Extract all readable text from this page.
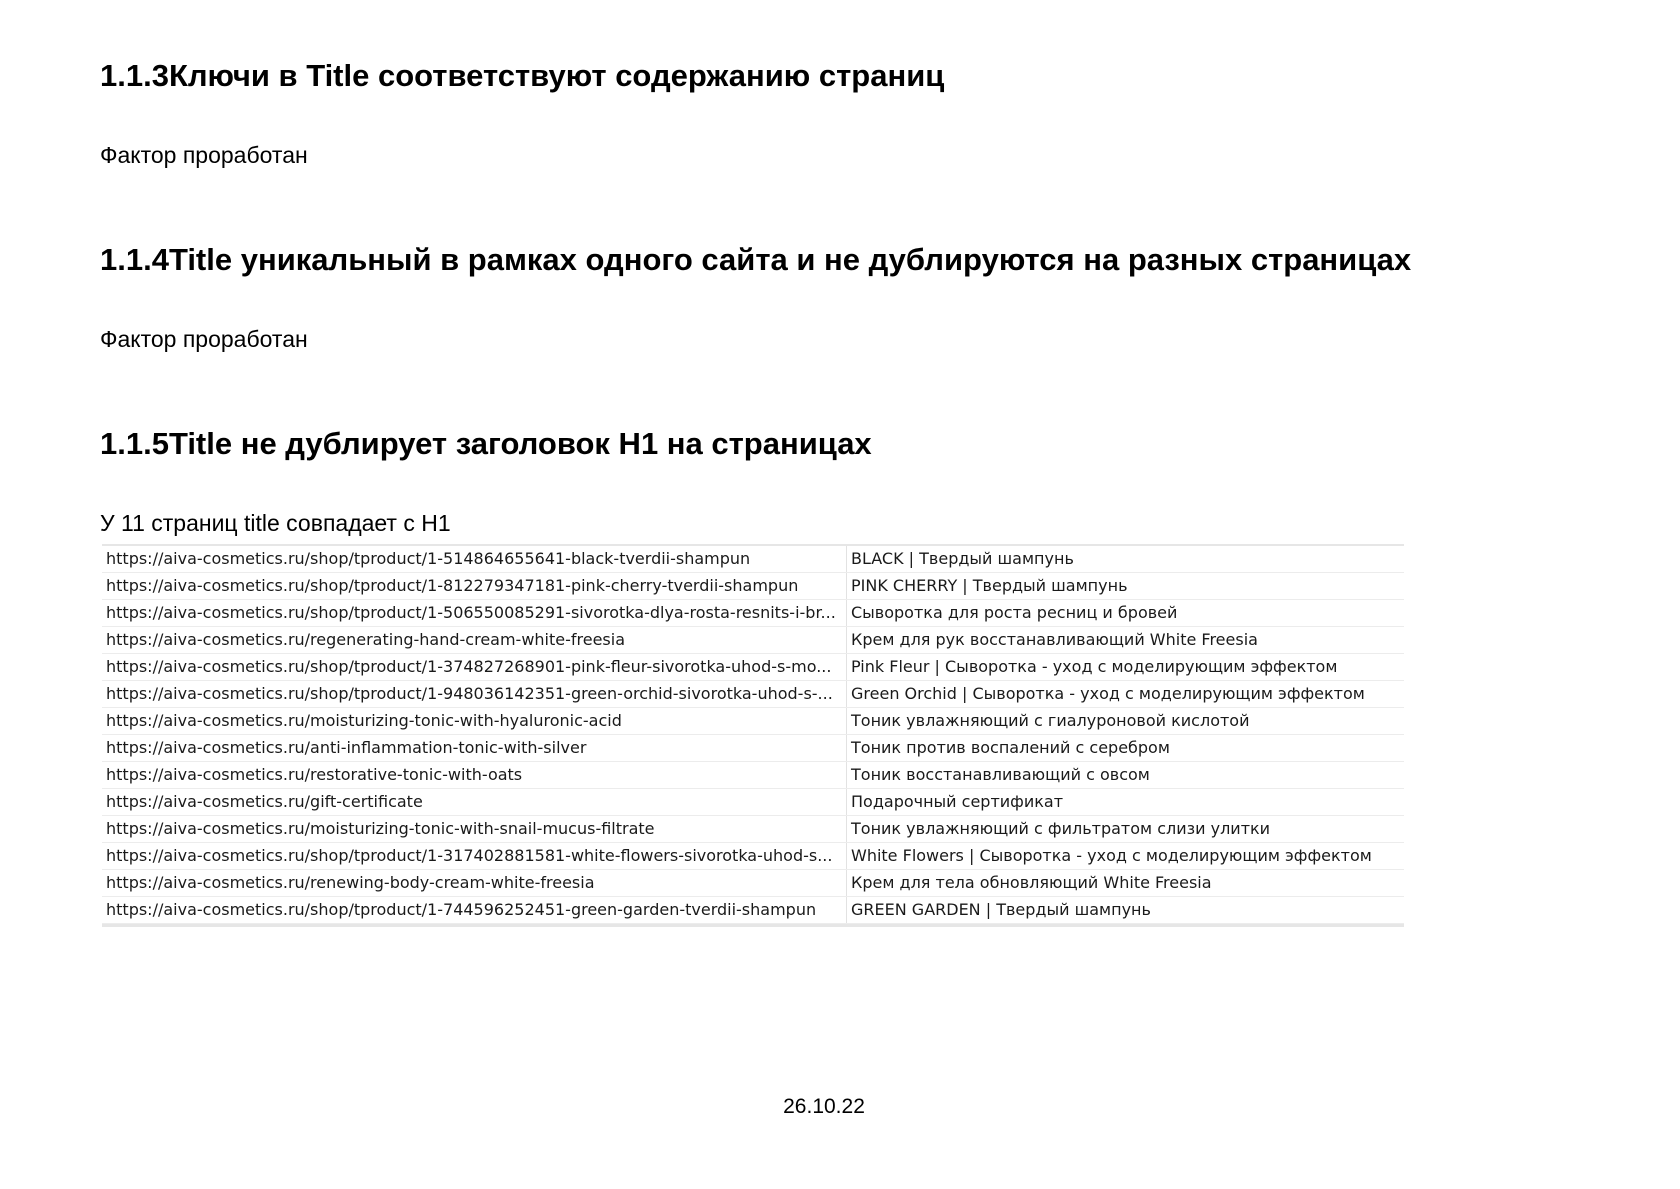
1.1.3Ключи в Title соответствуют содержанию страниц

Фактор проработан

1.1.4Title уникальный в рамках одного сайта и не дублируются на разных страницах

Фактор проработан

1.1.5Title не дублирует заголовок H1 на страницах

У 11 страниц title совпадает с H1

https://aiva-cosmetics.ru/shop/tproduct/1-514864655641-black-tverdii-shampun	BLACK | Твердый шампунь
https://aiva-cosmetics.ru/shop/tproduct/1-812279347181-pink-cherry-tverdii-shampun	PINK CHERRY | Твердый шампунь
https://aiva-cosmetics.ru/shop/tproduct/1-506550085291-sivorotka-dlya-rosta-resnits-i-br...	Сыворотка для роста ресниц и бровей
https://aiva-cosmetics.ru/regenerating-hand-cream-white-freesia	Крем для рук восстанавливающий White Freesia
https://aiva-cosmetics.ru/shop/tproduct/1-374827268901-pink-fleur-sivorotka-uhod-s-mo...	Pink Fleur | Сыворотка - уход с моделирующим эффектом
https://aiva-cosmetics.ru/shop/tproduct/1-948036142351-green-orchid-sivorotka-uhod-s-...	Green Orchid | Сыворотка - уход с моделирующим эффектом
https://aiva-cosmetics.ru/moisturizing-tonic-with-hyaluronic-acid	Тоник увлажняющий с гиалуроновой кислотой
https://aiva-cosmetics.ru/anti-inflammation-tonic-with-silver	Тоник против воспалений с серебром
https://aiva-cosmetics.ru/restorative-tonic-with-oats	Тоник восстанавливающий с овсом
https://aiva-cosmetics.ru/gift-certificate	Подарочный сертификат
https://aiva-cosmetics.ru/moisturizing-tonic-with-snail-mucus-filtrate	Тоник увлажняющий с фильтратом слизи улитки
https://aiva-cosmetics.ru/shop/tproduct/1-317402881581-white-flowers-sivorotka-uhod-s...	White Flowers | Сыворотка - уход с моделирующим эффектом
https://aiva-cosmetics.ru/renewing-body-cream-white-freesia	Крем для тела обновляющий White Freesia
https://aiva-cosmetics.ru/shop/tproduct/1-744596252451-green-garden-tverdii-shampun	GREEN GARDEN | Твердый шампунь

26.10.22
